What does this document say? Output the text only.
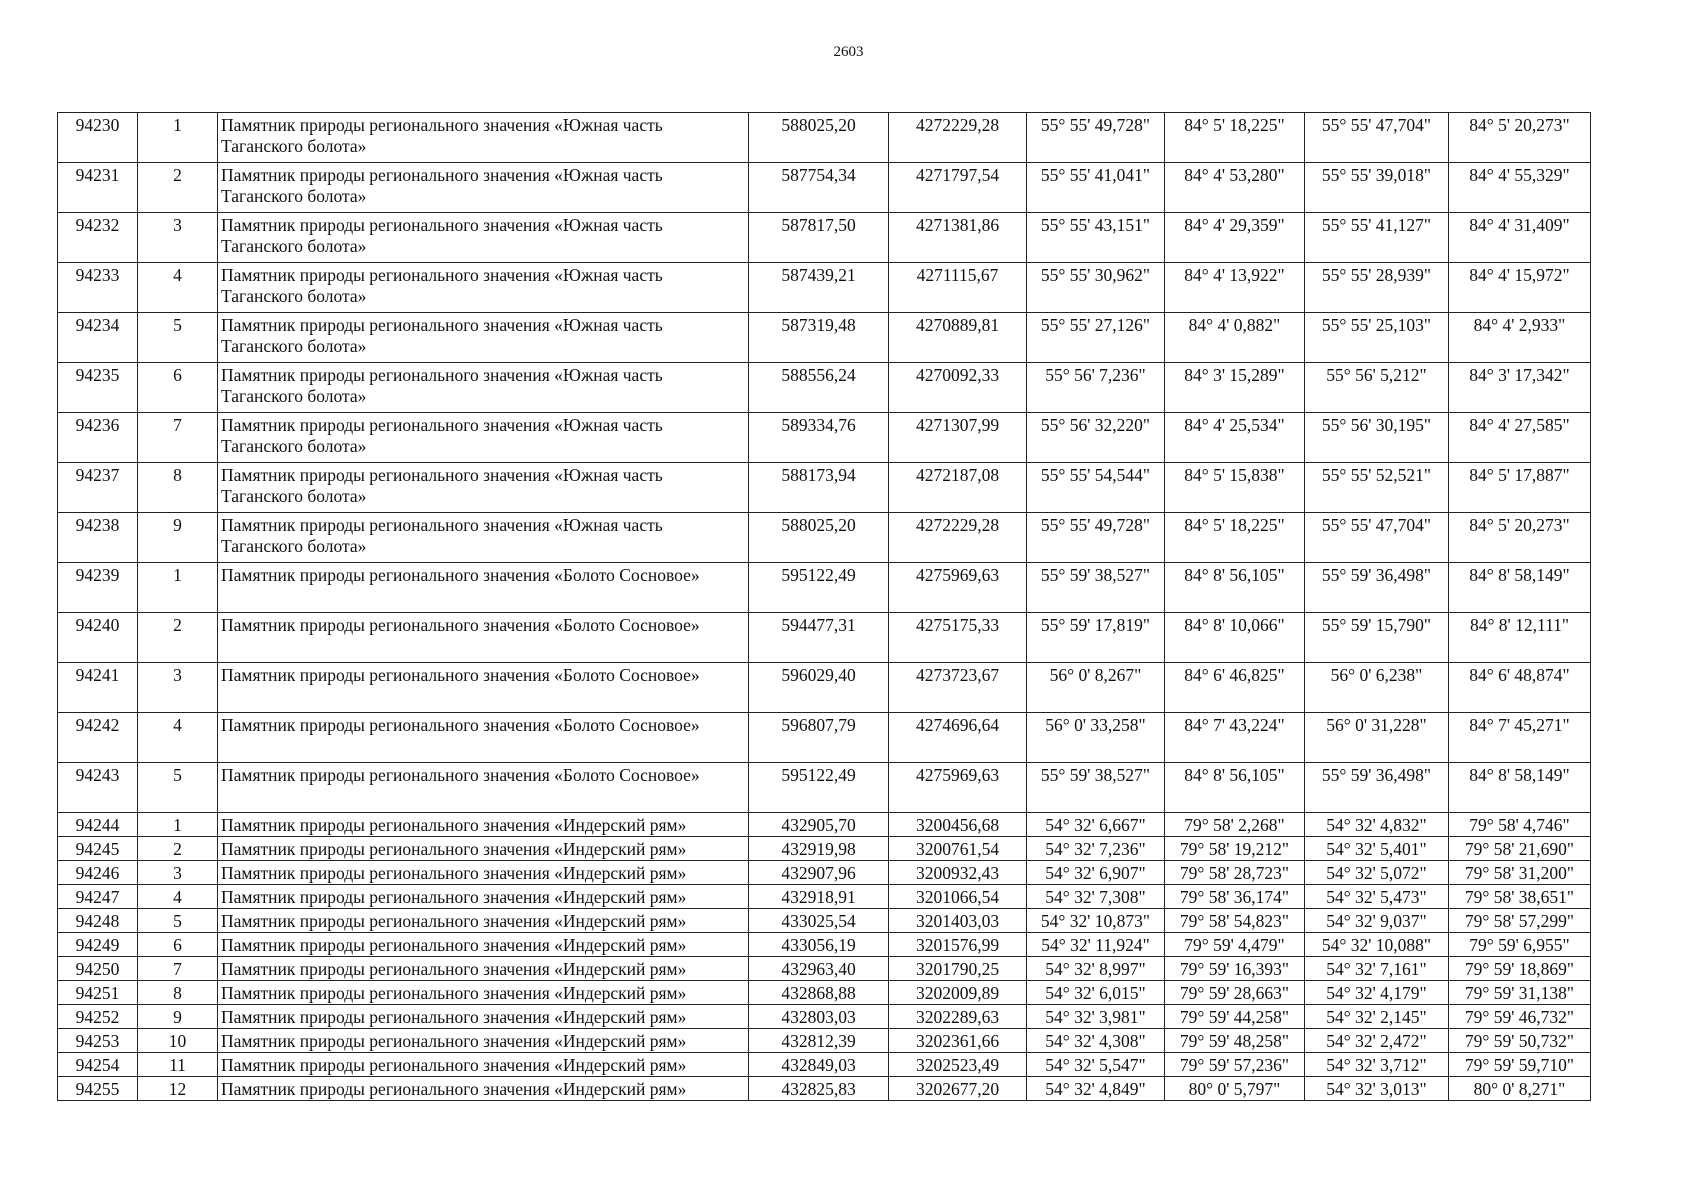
2603
94230	1	Памятник природы регионального значения «Южная часть
Таганского болота»	588025,20	4272229,28	55° 55' 49,728"	84° 5' 18,225"	55° 55' 47,704"	84° 5' 20,273"
94231	2	Памятник природы регионального значения «Южная часть
Таганского болота»	587754,34	4271797,54	55° 55' 41,041"	84° 4' 53,280"	55° 55' 39,018"	84° 4' 55,329"
94232	3	Памятник природы регионального значения «Южная часть
Таганского болота»	587817,50	4271381,86	55° 55' 43,151"	84° 4' 29,359"	55° 55' 41,127"	84° 4' 31,409"
94233	4	Памятник природы регионального значения «Южная часть
Таганского болота»	587439,21	4271115,67	55° 55' 30,962"	84° 4' 13,922"	55° 55' 28,939"	84° 4' 15,972"
94234	5	Памятник природы регионального значения «Южная часть
Таганского болота»	587319,48	4270889,81	55° 55' 27,126"	84° 4' 0,882"	55° 55' 25,103"	84° 4' 2,933"
94235	6	Памятник природы регионального значения «Южная часть
Таганского болота»	588556,24	4270092,33	55° 56' 7,236"	84° 3' 15,289"	55° 56' 5,212"	84° 3' 17,342"
94236	7	Памятник природы регионального значения «Южная часть
Таганского болота»	589334,76	4271307,99	55° 56' 32,220"	84° 4' 25,534"	55° 56' 30,195"	84° 4' 27,585"
94237	8	Памятник природы регионального значения «Южная часть
Таганского болота»	588173,94	4272187,08	55° 55' 54,544"	84° 5' 15,838"	55° 55' 52,521"	84° 5' 17,887"
94238	9	Памятник природы регионального значения «Южная часть
Таганского болота»	588025,20	4272229,28	55° 55' 49,728"	84° 5' 18,225"	55° 55' 47,704"	84° 5' 20,273"
94239	1	Памятник природы регионального значения «Болото Сосновое»	595122,49	4275969,63	55° 59' 38,527"	84° 8' 56,105"	55° 59' 36,498"	84° 8' 58,149"
94240	2	Памятник природы регионального значения «Болото Сосновое»	594477,31	4275175,33	55° 59' 17,819"	84° 8' 10,066"	55° 59' 15,790"	84° 8' 12,111"
94241	3	Памятник природы регионального значения «Болото Сосновое»	596029,40	4273723,67	56° 0' 8,267"	84° 6' 46,825"	56° 0' 6,238"	84° 6' 48,874"
94242	4	Памятник природы регионального значения «Болото Сосновое»	596807,79	4274696,64	56° 0' 33,258"	84° 7' 43,224"	56° 0' 31,228"	84° 7' 45,271"
94243	5	Памятник природы регионального значения «Болото Сосновое»	595122,49	4275969,63	55° 59' 38,527"	84° 8' 56,105"	55° 59' 36,498"	84° 8' 58,149"
94244	1	Памятник природы регионального значения «Индерский рям»	432905,70	3200456,68	54° 32' 6,667"	79° 58' 2,268"	54° 32' 4,832"	79° 58' 4,746"
94245	2	Памятник природы регионального значения «Индерский рям»	432919,98	3200761,54	54° 32' 7,236"	79° 58' 19,212"	54° 32' 5,401"	79° 58' 21,690"
94246	3	Памятник природы регионального значения «Индерский рям»	432907,96	3200932,43	54° 32' 6,907"	79° 58' 28,723"	54° 32' 5,072"	79° 58' 31,200"
94247	4	Памятник природы регионального значения «Индерский рям»	432918,91	3201066,54	54° 32' 7,308"	79° 58' 36,174"	54° 32' 5,473"	79° 58' 38,651"
94248	5	Памятник природы регионального значения «Индерский рям»	433025,54	3201403,03	54° 32' 10,873"	79° 58' 54,823"	54° 32' 9,037"	79° 58' 57,299"
94249	6	Памятник природы регионального значения «Индерский рям»	433056,19	3201576,99	54° 32' 11,924"	79° 59' 4,479"	54° 32' 10,088"	79° 59' 6,955"
94250	7	Памятник природы регионального значения «Индерский рям»	432963,40	3201790,25	54° 32' 8,997"	79° 59' 16,393"	54° 32' 7,161"	79° 59' 18,869"
94251	8	Памятник природы регионального значения «Индерский рям»	432868,88	3202009,89	54° 32' 6,015"	79° 59' 28,663"	54° 32' 4,179"	79° 59' 31,138"
94252	9	Памятник природы регионального значения «Индерский рям»	432803,03	3202289,63	54° 32' 3,981"	79° 59' 44,258"	54° 32' 2,145"	79° 59' 46,732"
94253	10	Памятник природы регионального значения «Индерский рям»	432812,39	3202361,66	54° 32' 4,308"	79° 59' 48,258"	54° 32' 2,472"	79° 59' 50,732"
94254	11	Памятник природы регионального значения «Индерский рям»	432849,03	3202523,49	54° 32' 5,547"	79° 59' 57,236"	54° 32' 3,712"	79° 59' 59,710"
94255	12	Памятник природы регионального значения «Индерский рям»	432825,83	3202677,20	54° 32' 4,849"	80° 0' 5,797"	54° 32' 3,013"	80° 0' 8,271"
